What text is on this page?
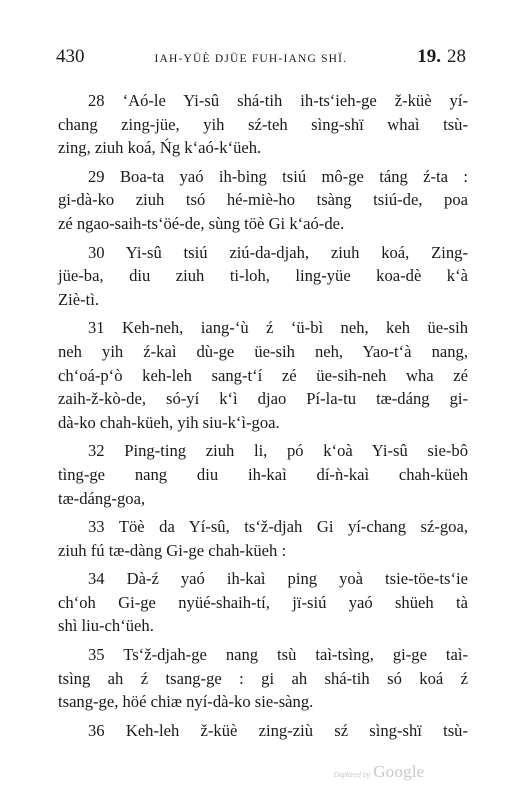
430	IAH-YÜÈ DJÜE FUH-IANG SHÏ.	19. 28
28 ‘Aó-le Yi-sû shá-tih ih-ts‘ieh-ge ž-küè yí-
chang zing-jüe, yih sź-teh sìng-shï whaì tsù-
zing, ziuh koá, Ńg k‘aó-k‘üeh.
29 Boa-ta yaó ih-bing tsiú mô-ge táng ź-ta :
gi-dà-ko ziuh tsó hé-miè-ho tsàng tsiú-de, poa
zé ngao-saih-ts‘öé-de, sùng töè Gi k‘aó-de.
30 Yi-sû tsiú ziú-da-djah, ziuh koá, Zing-
jüe-ba, diu ziuh ti-loh, ling-yüe koa-dè k‘à
Ziè-tì.
31 Keh-neh, iang-‘ù ź ‘ü-bì neh, keh üe-sih
neh yih ź-kaì dù-ge üe-sih neh, Yao-t‘à nang,
ch‘oá-p‘ò keh-leh sang-t‘í zé üe-sih-neh wha zé
zaih-ž-kò-de, só-yí k‘ì djao Pí-la-tu tæ-dáng gi-
dà-ko chah-küeh, yih siu-k‘ì-goa.
32 Ping-ting ziuh li, pó k‘oà Yi-sû sie-bô
tìng-ge nang diu ih-kaì dí-ǹ-kaì chah-küeh
tæ-dáng-goa,
33 Töè da Yí-sû, ts‘ž-djah Gi yí-chang sź-goa,
ziuh fú tæ-dàng Gi-ge chah-küeh :
34 Dà-ź yaó ih-kaì ping yoà tsie-töe-ts‘ie
ch‘oh Gi-ge nyüé-shaih-tí, jï-siú yaó shüeh tà
shì liu-ch‘üeh.
35 Ts‘ž-djah-ge nang tsù taì-tsìng, gi-ge taì-
tsìng ah ź tsang-ge : gi ah shá-tih só koá ź
tsang-ge, höé chiæ nyí-dà-ko sie-sàng.
36 Keh-leh ž-küè zing-ziù sź sìng-shï tsù-
Digitized by Google
